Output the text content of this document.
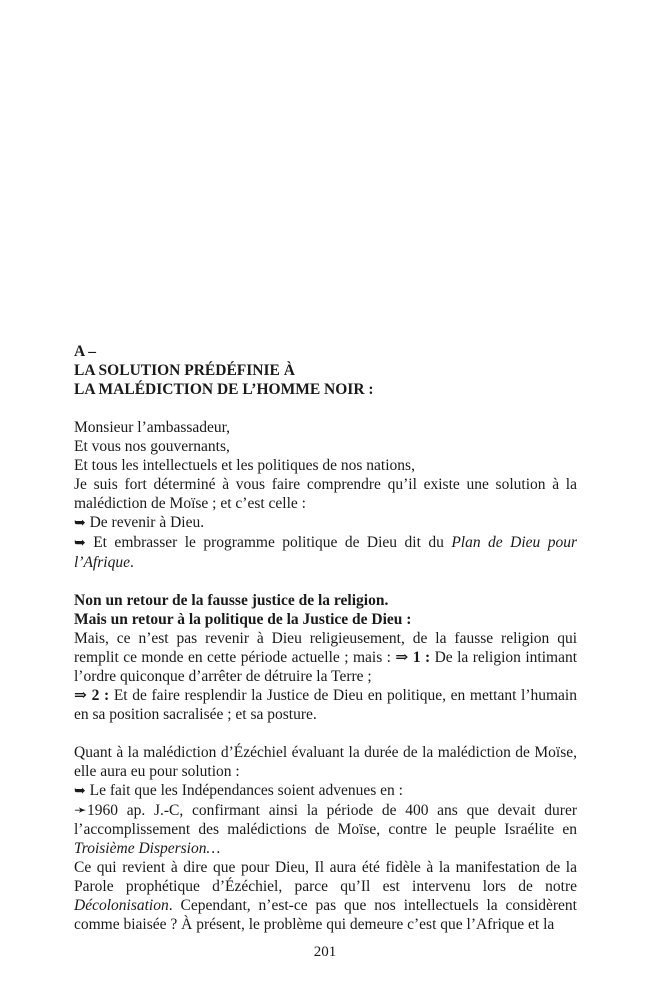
A –

LA SOLUTION PRÉDÉFINIE À

LA MALÉDICTION DE L’HOMME NOIR :

Monsieur l’ambassadeur,

Et vous nos gouvernants,

Et tous les intellectuels et les politiques de nos nations,

Je suis fort déterminé à vous faire comprendre qu’il existe une solution à la malédiction de Moïse ; et c’est celle :

➥ De revenir à Dieu.

➥ Et embrasser le programme politique de Dieu dit du Plan de Dieu pour l’Afrique.

Non un retour de la fausse justice de la religion.

Mais un retour à la politique de la Justice de Dieu :

Mais, ce n’est pas revenir à Dieu religieusement, de la fausse religion qui remplit ce monde en cette période actuelle ; mais : ⇒ 1 : De la religion intimant l’ordre quiconque d’arrêter de détruire la Terre ;

⇒ 2 : Et de faire resplendir la Justice de Dieu en politique, en mettant l’humain en sa position sacralisée ; et sa posture.

Quant à la malédiction d’Ézéchiel évaluant la durée de la malédiction de Moïse, elle aura eu pour solution :

➥ Le fait que les Indépendances soient advenues en :

➛1960 ap. J.-C, confirmant ainsi la période de 400 ans que devait durer l’accomplissement des malédictions de Moïse, contre le peuple Israélite en Troisième Dispersion…

Ce qui revient à dire que pour Dieu, Il aura été fidèle à la manifestation de la Parole prophétique d’Ézéchiel, parce qu’Il est intervenu lors de notre Décolonisation. Cependant, n’est-ce pas que nos intellectuels la considèrent comme biaisée ? À présent, le problème qui demeure c’est que l’Afrique et la

201
